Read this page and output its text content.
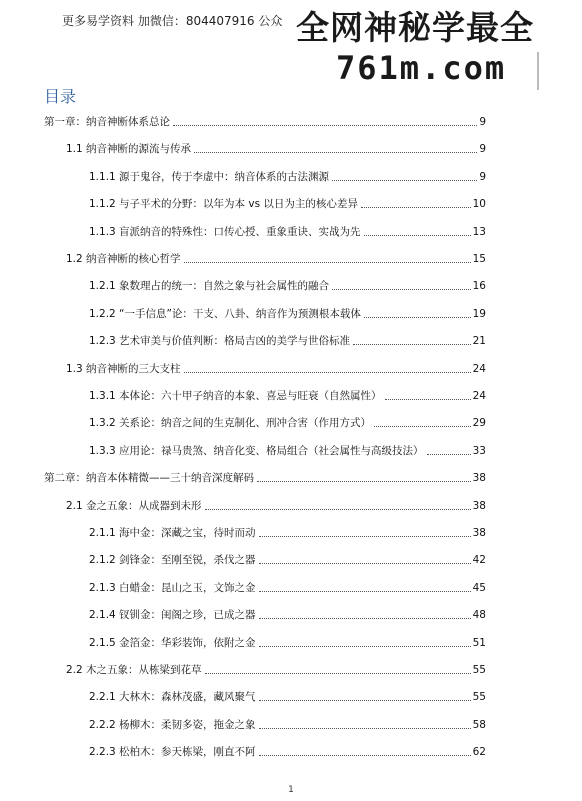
更多易学资料 加微信：804407916 公众 全网神秘学最全
761m.com
目录
第一章：纳音神断体系总论	9
1.1 纳音神断的源流与传承	9
1.1.1 源于鬼谷，传于李虚中：纳音体系的古法渊源	9
1.1.2 与子平术的分野：以年为本 vs 以日为主的核心差异	10
1.1.3 盲派纳音的特殊性：口传心授、重象重诀、实战为先	13
1.2 纳音神断的核心哲学	15
1.2.1 象数理占的统一：自然之象与社会属性的融合	16
1.2.2 “一手信息”论：干支、八卦、纳音作为预测根本载体	19
1.2.3 艺术审美与价值判断：格局吉凶的美学与世俗标准	21
1.3 纳音神断的三大支柱	24
1.3.1 本体论：六十甲子纳音的本象、喜忌与旺衰（自然属性）	24
1.3.2 关系论：纳音之间的生克制化、刑冲合害（作用方式）	29
1.3.3 应用论：禄马贵煞、纳音化变、格局组合（社会属性与高级技法）	33
第二章：纳音本体精微——三十纳音深度解码	38
2.1 金之五象：从成器到未形	38
2.1.1 海中金：深藏之宝，待时而动	38
2.1.2 剑锋金：至刚至锐，杀伐之器	42
2.1.3 白蜡金：昆山之玉，文饰之金	45
2.1.4 钗钏金：闺阁之珍，已成之器	48
2.1.5 金箔金：华彩装饰，依附之金	51
2.2 木之五象：从栋梁到花草	55
2.2.1 大林木：森林茂盛，藏风聚气	55
2.2.2 杨柳木：柔韧多姿，拖金之象	58
2.2.3 松柏木：参天栋梁，刚直不阿	62
1
